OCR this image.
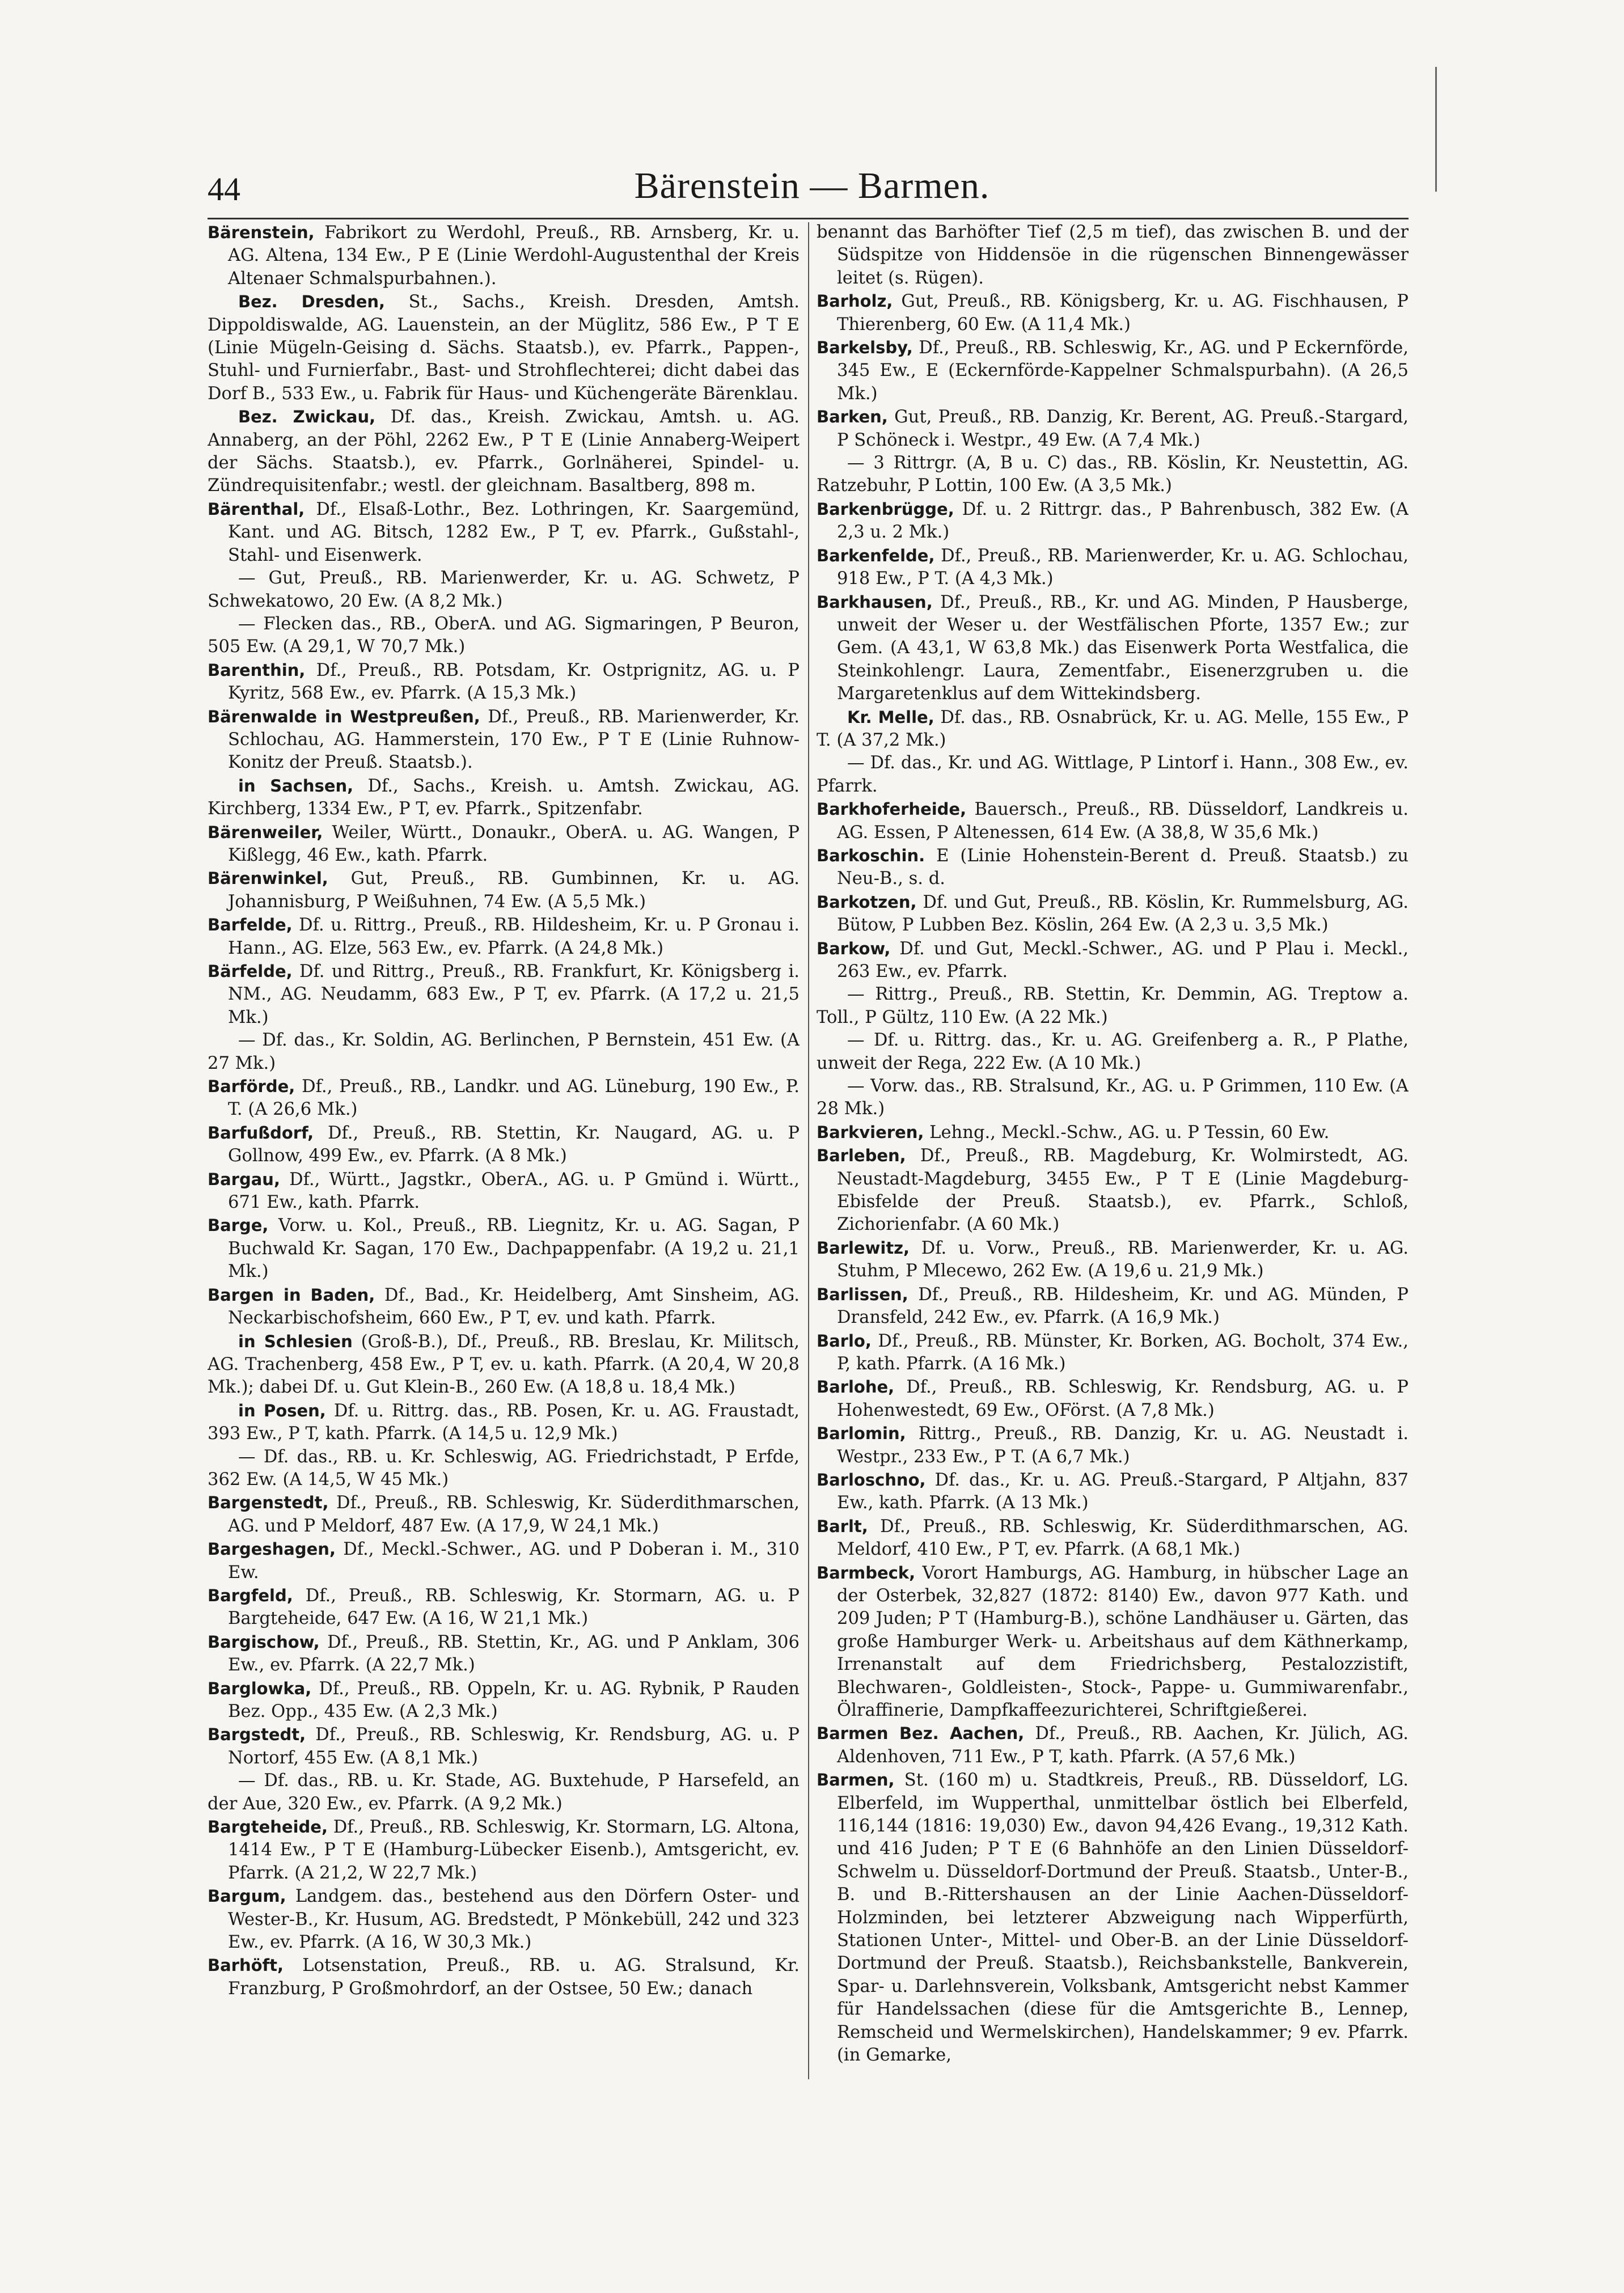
44	Bärenstein — Barmen.

Bärenstein, Fabrikort zu Werdohl, Preuß., RB. Arnsberg, Kr. u. AG. Altena, 134 Ew., P E (Linie Werdohl-Augustenthal der Kreis Altenaer Schmalspurbahnen.).

Bez. Dresden, St., Sachs., Kreish. Dresden, Amtsh. Dippoldiswalde, AG. Lauenstein, an der Müglitz, 586 Ew., P T E (Linie Mügeln-Geising d. Sächs. Staatsb.), ev. Pfarrk., Pappen-, Stuhl- und Furnierfabr., Bast- und Strohflechterei; dicht dabei das Dorf B., 533 Ew., u. Fabrik für Haus- und Küchengeräte Bärenklau.

Bez. Zwickau, Df. das., Kreish. Zwickau, Amtsh. u. AG. Annaberg, an der Pöhl, 2262 Ew., P T E (Linie Annaberg-Weipert der Sächs. Staatsb.), ev. Pfarrk., Gorlnäherei, Spindel- u. Zündrequisitenfabr.; westl. der gleichnam. Basaltberg, 898 m.

Bärenthal, Df., Elsaß-Lothr., Bez. Lothringen, Kr. Saargemünd, Kant. und AG. Bitsch, 1282 Ew., P T, ev. Pfarrk., Gußstahl-, Stahl- und Eisenwerk.

— Gut, Preuß., RB. Marienwerder, Kr. u. AG. Schwetz, P Schwekatowo, 20 Ew. (A 8,2 Mk.)

— Flecken das., RB., OberA. und AG. Sigmaringen, P Beuron, 505 Ew. (A 29,1, W 70,7 Mk.)

Barenthin, Df., Preuß., RB. Potsdam, Kr. Ostprignitz, AG. u. P Kyritz, 568 Ew., ev. Pfarrk. (A 15,3 Mk.)

Bärenwalde in Westpreußen, Df., Preuß., RB. Marienwerder, Kr. Schlochau, AG. Hammerstein, 170 Ew., P T E (Linie Ruhnow-Konitz der Preuß. Staatsb.).

in Sachsen, Df., Sachs., Kreish. u. Amtsh. Zwickau, AG. Kirchberg, 1334 Ew., P T, ev. Pfarrk., Spitzenfabr.

Bärenweiler, Weiler, Württ., Donaukr., OberA. u. AG. Wangen, P Kißlegg, 46 Ew., kath. Pfarrk.

Bärenwinkel, Gut, Preuß., RB. Gumbinnen, Kr. u. AG. Johannisburg, P Weißuhnen, 74 Ew. (A 5,5 Mk.)

Barfelde, Df. u. Rittrg., Preuß., RB. Hildesheim, Kr. u. P Gronau i. Hann., AG. Elze, 563 Ew., ev. Pfarrk. (A 24,8 Mk.)

Bärfelde, Df. und Rittrg., Preuß., RB. Frankfurt, Kr. Königsberg i. NM., AG. Neudamm, 683 Ew., P T, ev. Pfarrk. (A 17,2 u. 21,5 Mk.)

— Df. das., Kr. Soldin, AG. Berlinchen, P Bernstein, 451 Ew. (A 27 Mk.)

Barförde, Df., Preuß., RB., Landkr. und AG. Lüneburg, 190 Ew., P. T. (A 26,6 Mk.)

Barfußdorf, Df., Preuß., RB. Stettin, Kr. Naugard, AG. u. P Gollnow, 499 Ew., ev. Pfarrk. (A 8 Mk.)

Bargau, Df., Württ., Jagstkr., OberA., AG. u. P Gmünd i. Württ., 671 Ew., kath. Pfarrk.

Barge, Vorw. u. Kol., Preuß., RB. Liegnitz, Kr. u. AG. Sagan, P Buchwald Kr. Sagan, 170 Ew., Dachpappenfabr. (A 19,2 u. 21,1 Mk.)

Bargen in Baden, Df., Bad., Kr. Heidelberg, Amt Sinsheim, AG. Neckarbischofsheim, 660 Ew., P T, ev. und kath. Pfarrk.

in Schlesien (Groß-B.), Df., Preuß., RB. Breslau, Kr. Militsch, AG. Trachenberg, 458 Ew., P T, ev. u. kath. Pfarrk. (A 20,4, W 20,8 Mk.); dabei Df. u. Gut Klein-B., 260 Ew. (A 18,8 u. 18,4 Mk.)

in Posen, Df. u. Rittrg. das., RB. Posen, Kr. u. AG. Fraustadt, 393 Ew., P T, kath. Pfarrk. (A 14,5 u. 12,9 Mk.)

— Df. das., RB. u. Kr. Schleswig, AG. Friedrichstadt, P Erfde, 362 Ew. (A 14,5, W 45 Mk.)

Bargenstedt, Df., Preuß., RB. Schleswig, Kr. Süderdithmarschen, AG. und P Meldorf, 487 Ew. (A 17,9, W 24,1 Mk.)

Bargeshagen, Df., Meckl.-Schwer., AG. und P Doberan i. M., 310 Ew.

Bargfeld, Df., Preuß., RB. Schleswig, Kr. Stormarn, AG. u. P Bargteheide, 647 Ew. (A 16, W 21,1 Mk.)

Bargischow, Df., Preuß., RB. Stettin, Kr., AG. und P Anklam, 306 Ew., ev. Pfarrk. (A 22,7 Mk.)

Barglowka, Df., Preuß., RB. Oppeln, Kr. u. AG. Rybnik, P Rauden Bez. Opp., 435 Ew. (A 2,3 Mk.)

Bargstedt, Df., Preuß., RB. Schleswig, Kr. Rendsburg, AG. u. P Nortorf, 455 Ew. (A 8,1 Mk.)

— Df. das., RB. u. Kr. Stade, AG. Buxtehude, P Harsefeld, an der Aue, 320 Ew., ev. Pfarrk. (A 9,2 Mk.)

Bargteheide, Df., Preuß., RB. Schleswig, Kr. Stormarn, LG. Altona, 1414 Ew., P T E (Hamburg-Lübecker Eisenb.), Amtsgericht, ev. Pfarrk. (A 21,2, W 22,7 Mk.)

Bargum, Landgem. das., bestehend aus den Dörfern Oster- und Wester-B., Kr. Husum, AG. Bredstedt, P Mönkebüll, 242 und 323 Ew., ev. Pfarrk. (A 16, W 30,3 Mk.)

Barhöft, Lotsenstation, Preuß., RB. u. AG. Stralsund, Kr. Franzburg, P Großmohrdorf, an der Ostsee, 50 Ew.; danach

benannt das Barhöfter Tief (2,5 m tief), das zwischen B. und der Südspitze von Hiddensöe in die rügenschen Binnengewässer leitet (s. Rügen).

Barholz, Gut, Preuß., RB. Königsberg, Kr. u. AG. Fischhausen, P Thierenberg, 60 Ew. (A 11,4 Mk.)

Barkelsby, Df., Preuß., RB. Schleswig, Kr., AG. und P Eckernförde, 345 Ew., E (Eckernförde-Kappelner Schmalspurbahn). (A 26,5 Mk.)

Barken, Gut, Preuß., RB. Danzig, Kr. Berent, AG. Preuß.-Stargard, P Schöneck i. Westpr., 49 Ew. (A 7,4 Mk.)

— 3 Rittrgr. (A, B u. C) das., RB. Köslin, Kr. Neustettin, AG. Ratzebuhr, P Lottin, 100 Ew. (A 3,5 Mk.)

Barkenbrügge, Df. u. 2 Rittrgr. das., P Bahrenbusch, 382 Ew. (A 2,3 u. 2 Mk.)

Barkenfelde, Df., Preuß., RB. Marienwerder, Kr. u. AG. Schlochau, 918 Ew., P T. (A 4,3 Mk.)

Barkhausen, Df., Preuß., RB., Kr. und AG. Minden, P Hausberge, unweit der Weser u. der Westfälischen Pforte, 1357 Ew.; zur Gem. (A 43,1, W 63,8 Mk.) das Eisenwerk Porta Westfalica, die Steinkohlengr. Laura, Zementfabr., Eisenerzgruben u. die Margaretenklus auf dem Wittekindsberg.

Kr. Melle, Df. das., RB. Osnabrück, Kr. u. AG. Melle, 155 Ew., P T. (A 37,2 Mk.)

— Df. das., Kr. und AG. Wittlage, P Lintorf i. Hann., 308 Ew., ev. Pfarrk.

Barkhoferheide, Bauersch., Preuß., RB. Düsseldorf, Landkreis u. AG. Essen, P Altenessen, 614 Ew. (A 38,8, W 35,6 Mk.)

Barkoschin. E (Linie Hohenstein-Berent d. Preuß. Staatsb.) zu Neu-B., s. d.

Barkotzen, Df. und Gut, Preuß., RB. Köslin, Kr. Rummelsburg, AG. Bütow, P Lubben Bez. Köslin, 264 Ew. (A 2,3 u. 3,5 Mk.)

Barkow, Df. und Gut, Meckl.-Schwer., AG. und P Plau i. Meckl., 263 Ew., ev. Pfarrk.

— Rittrg., Preuß., RB. Stettin, Kr. Demmin, AG. Treptow a. Toll., P Gültz, 110 Ew. (A 22 Mk.)

— Df. u. Rittrg. das., Kr. u. AG. Greifenberg a. R., P Plathe, unweit der Rega, 222 Ew. (A 10 Mk.)

— Vorw. das., RB. Stralsund, Kr., AG. u. P Grimmen, 110 Ew. (A 28 Mk.)

Barkvieren, Lehng., Meckl.-Schw., AG. u. P Tessin, 60 Ew.

Barleben, Df., Preuß., RB. Magdeburg, Kr. Wolmirstedt, AG. Neustadt-Magdeburg, 3455 Ew., P T E (Linie Magdeburg-Ebisfelde der Preuß. Staatsb.), ev. Pfarrk., Schloß, Zichorienfabr. (A 60 Mk.)

Barlewitz, Df. u. Vorw., Preuß., RB. Marienwerder, Kr. u. AG. Stuhm, P Mlecewo, 262 Ew. (A 19,6 u. 21,9 Mk.)

Barlissen, Df., Preuß., RB. Hildesheim, Kr. und AG. Münden, P Dransfeld, 242 Ew., ev. Pfarrk. (A 16,9 Mk.)

Barlo, Df., Preuß., RB. Münster, Kr. Borken, AG. Bocholt, 374 Ew., P, kath. Pfarrk. (A 16 Mk.)

Barlohe, Df., Preuß., RB. Schleswig, Kr. Rendsburg, AG. u. P Hohenwestedt, 69 Ew., OFörst. (A 7,8 Mk.)

Barlomin, Rittrg., Preuß., RB. Danzig, Kr. u. AG. Neustadt i. Westpr., 233 Ew., P T. (A 6,7 Mk.)

Barloschno, Df. das., Kr. u. AG. Preuß.-Stargard, P Altjahn, 837 Ew., kath. Pfarrk. (A 13 Mk.)

Barlt, Df., Preuß., RB. Schleswig, Kr. Süderdithmarschen, AG. Meldorf, 410 Ew., P T, ev. Pfarrk. (A 68,1 Mk.)

Barmbeck, Vorort Hamburgs, AG. Hamburg, in hübscher Lage an der Osterbek, 32,827 (1872: 8140) Ew., davon 977 Kath. und 209 Juden; P T (Hamburg-B.), schöne Landhäuser u. Gärten, das große Hamburger Werk- u. Arbeitshaus auf dem Käthnerkamp, Irrenanstalt auf dem Friedrichsberg, Pestalozzistift, Blechwaren-, Goldleisten-, Stock-, Pappe- u. Gummiwarenfabr., Ölraffinerie, Dampfkaffeezurichterei, Schriftgießerei.

Barmen Bez. Aachen, Df., Preuß., RB. Aachen, Kr. Jülich, AG. Aldenhoven, 711 Ew., P T, kath. Pfarrk. (A 57,6 Mk.)

Barmen, St. (160 m) u. Stadtkreis, Preuß., RB. Düsseldorf, LG. Elberfeld, im Wupperthal, unmittelbar östlich bei Elberfeld, 116,144 (1816: 19,030) Ew., davon 94,426 Evang., 19,312 Kath. und 416 Juden; P T E (6 Bahnhöfe an den Linien Düsseldorf-Schwelm u. Düsseldorf-Dortmund der Preuß. Staatsb., Unter-B., B. und B.-Rittershausen an der Linie Aachen-Düsseldorf-Holzminden, bei letzterer Abzweigung nach Wipperfürth, Stationen Unter-, Mittel- und Ober-B. an der Linie Düsseldorf-Dortmund der Preuß. Staatsb.), Reichsbankstelle, Bankverein, Spar- u. Darlehnsverein, Volksbank, Amtsgericht nebst Kammer für Handelssachen (diese für die Amtsgerichte B., Lennep, Remscheid und Wermelskirchen), Handelskammer; 9 ev. Pfarrk. (in Gemarke,
